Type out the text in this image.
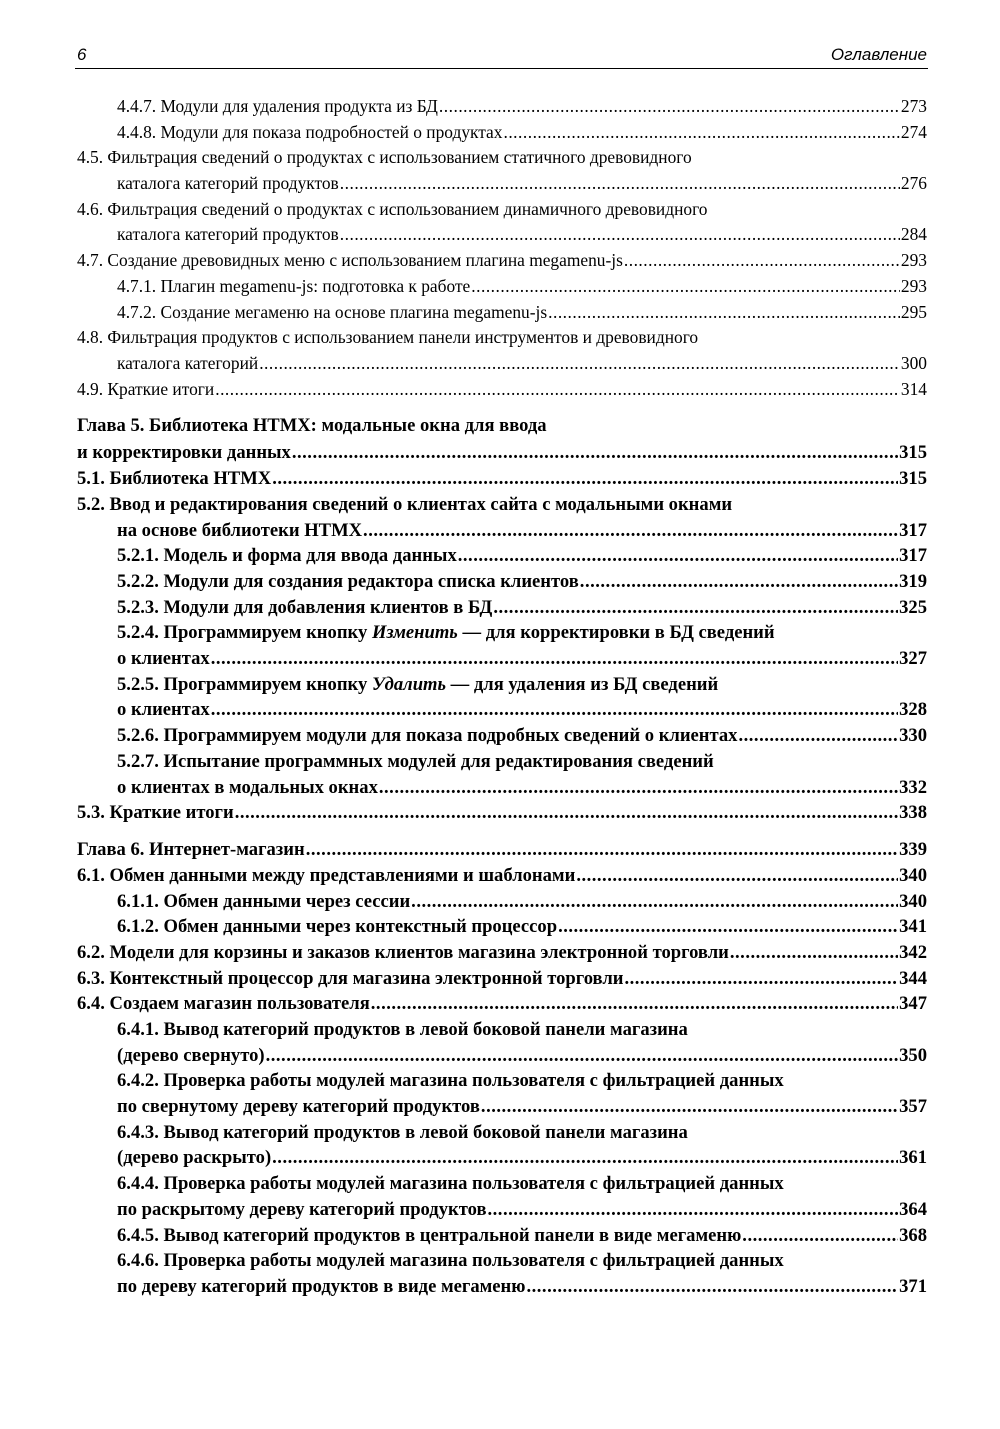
6	Оглавление
4.4.7. Модули для удаления продукта из БД .....	273
4.4.8. Модули для показа подробностей о продуктах .....	274
4.5. Фильтрация сведений о продуктах с использованием статичного древовидного
каталога категорий продуктов .....	276
4.6. Фильтрация сведений о продуктах с использованием динамичного древовидного
каталога категорий продуктов .....	284
4.7. Создание древовидных меню с использованием плагина megamenu-js .....	293
4.7.1. Плагин megamenu-js: подготовка к работе .....	293
4.7.2. Создание мегаменю на основе плагина megamenu-js .....	295
4.8. Фильтрация продуктов с использованием панели инструментов и древовидного
каталога категорий .....	300
4.9. Краткие итоги .....	314
Глава 5. Библиотека HTMX: модальные окна для ввода
и корректировки данных .....	315
5.1. Библиотека HTMX .....	315
5.2. Ввод и редактирования сведений о клиентах сайта с модальными окнами
на основе библиотеки HTMX .....	317
5.2.1. Модель и форма для ввода данных .....	317
5.2.2. Модули для создания редактора списка клиентов .....	319
5.2.3. Модули для добавления клиентов в БД .....	325
5.2.4. Программируем кнопку Изменить — для корректировки в БД сведений
о клиентах .....	327
5.2.5. Программируем кнопку Удалить — для удаления из БД сведений
о клиентах .....	328
5.2.6. Программируем модули для показа подробных сведений о клиентах .....	330
5.2.7. Испытание программных модулей для редактирования сведений
о клиентах в модальных окнах .....	332
5.3. Краткие итоги .....	338
Глава 6. Интернет-магазин .....	339
6.1. Обмен данными между представлениями и шаблонами .....	340
6.1.1. Обмен данными через сессии .....	340
6.1.2. Обмен данными через контекстный процессор .....	341
6.2. Модели для корзины и заказов клиентов магазина электронной торговли .....	342
6.3. Контекстный процессор для магазина электронной торговли .....	344
6.4. Создаем магазин пользователя .....	347
6.4.1. Вывод категорий продуктов в левой боковой панели магазина
(дерево свернуто) .....	350
6.4.2. Проверка работы модулей магазина пользователя с фильтрацией данных
по свернутому дереву категорий продуктов .....	357
6.4.3. Вывод категорий продуктов в левой боковой панели магазина
(дерево раскрыто) .....	361
6.4.4. Проверка работы модулей магазина пользователя с фильтрацией данных
по раскрытому дереву категорий продуктов .....	364
6.4.5. Вывод категорий продуктов в центральной панели в виде мегаменю .....	368
6.4.6. Проверка работы модулей магазина пользователя с фильтрацией данных
по дереву категорий продуктов в виде мегаменю .....	371
